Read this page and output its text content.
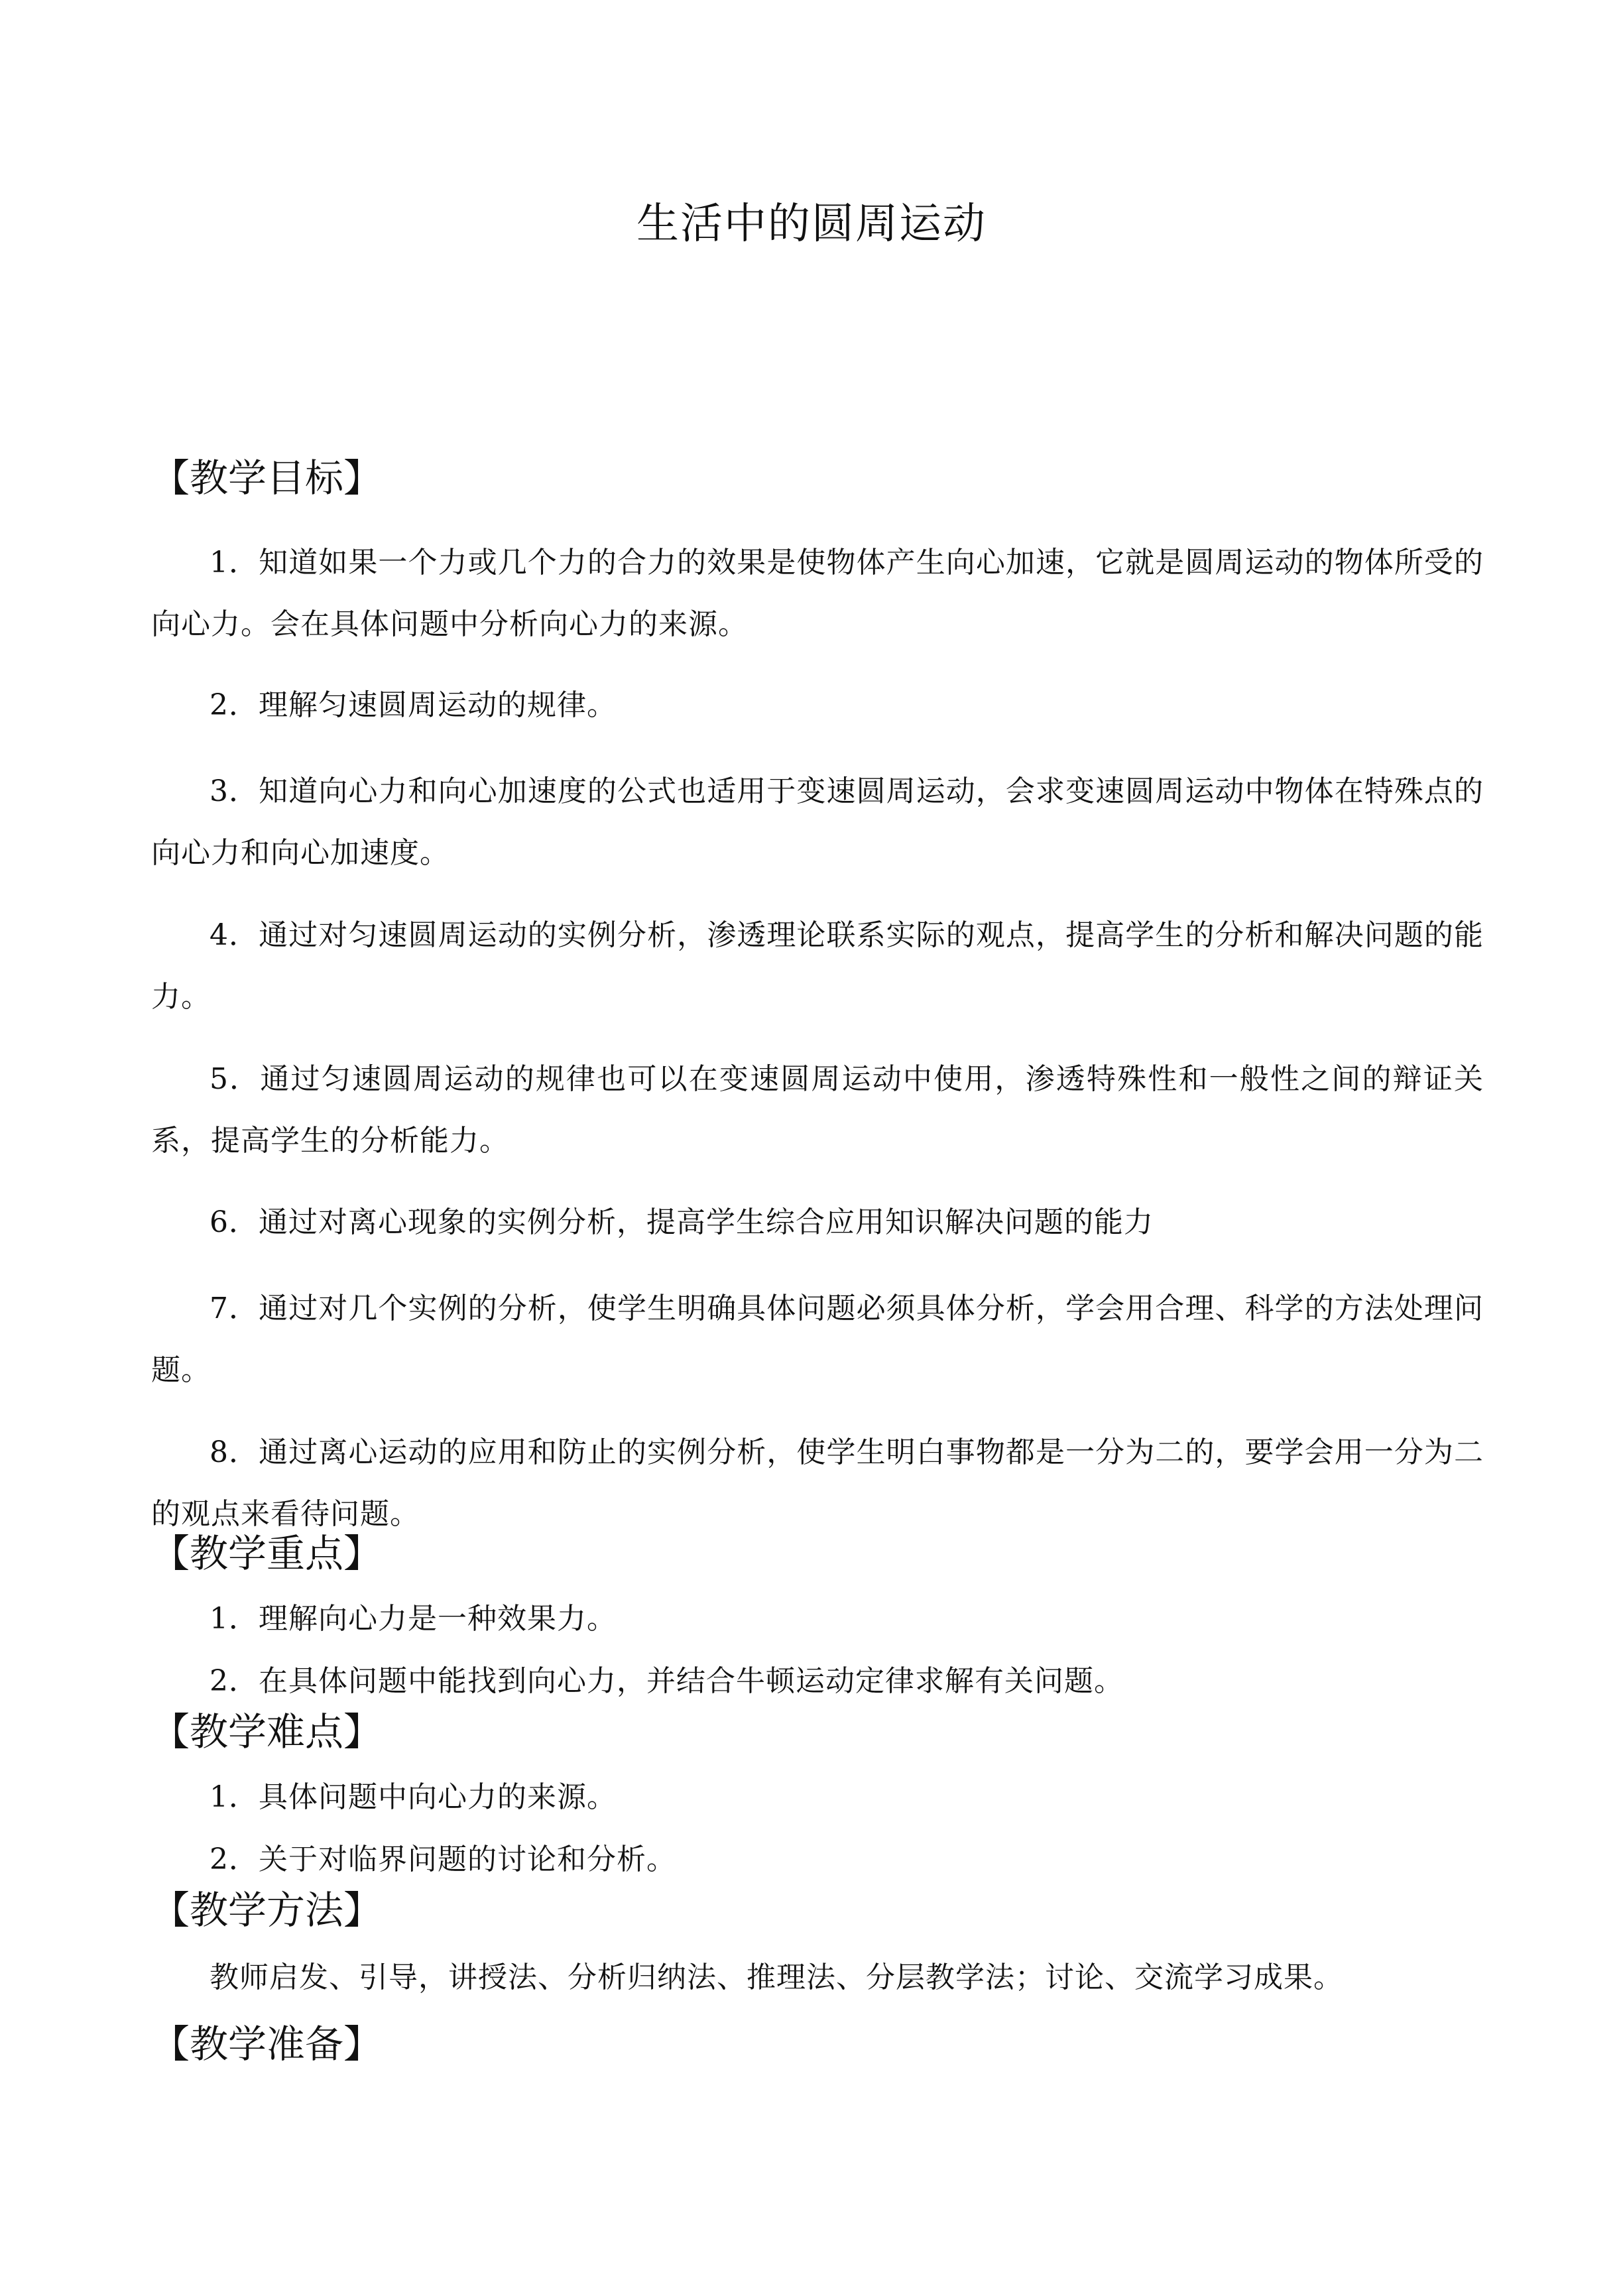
生活中的圆周运动
【教学目标】
1．知道如果一个力或几个力的合力的效果是使物体产生向心加速，它就是圆周运动的物体所受的向心力。会在具体问题中分析向心力的来源。
2．理解匀速圆周运动的规律。
3．知道向心力和向心加速度的公式也适用于变速圆周运动，会求变速圆周运动中物体在特殊点的向心力和向心加速度。
4．通过对匀速圆周运动的实例分析，渗透理论联系实际的观点，提高学生的分析和解决问题的能力。
5．通过匀速圆周运动的规律也可以在变速圆周运动中使用，渗透特殊性和一般性之间的辩证关系，提高学生的分析能力。
6．通过对离心现象的实例分析，提高学生综合应用知识解决问题的能力
7．通过对几个实例的分析，使学生明确具体问题必须具体分析，学会用合理、科学的方法处理问题。
8．通过离心运动的应用和防止的实例分析，使学生明白事物都是一分为二的，要学会用一分为二的观点来看待问题。
【教学重点】
1．理解向心力是一种效果力。
2．在具体问题中能找到向心力，并结合牛顿运动定律求解有关问题。
【教学难点】
1．具体问题中向心力的来源。
2．关于对临界问题的讨论和分析。
【教学方法】
教师启发、引导，讲授法、分析归纳法、推理法、分层教学法；讨论、交流学习成果。
【教学准备】
